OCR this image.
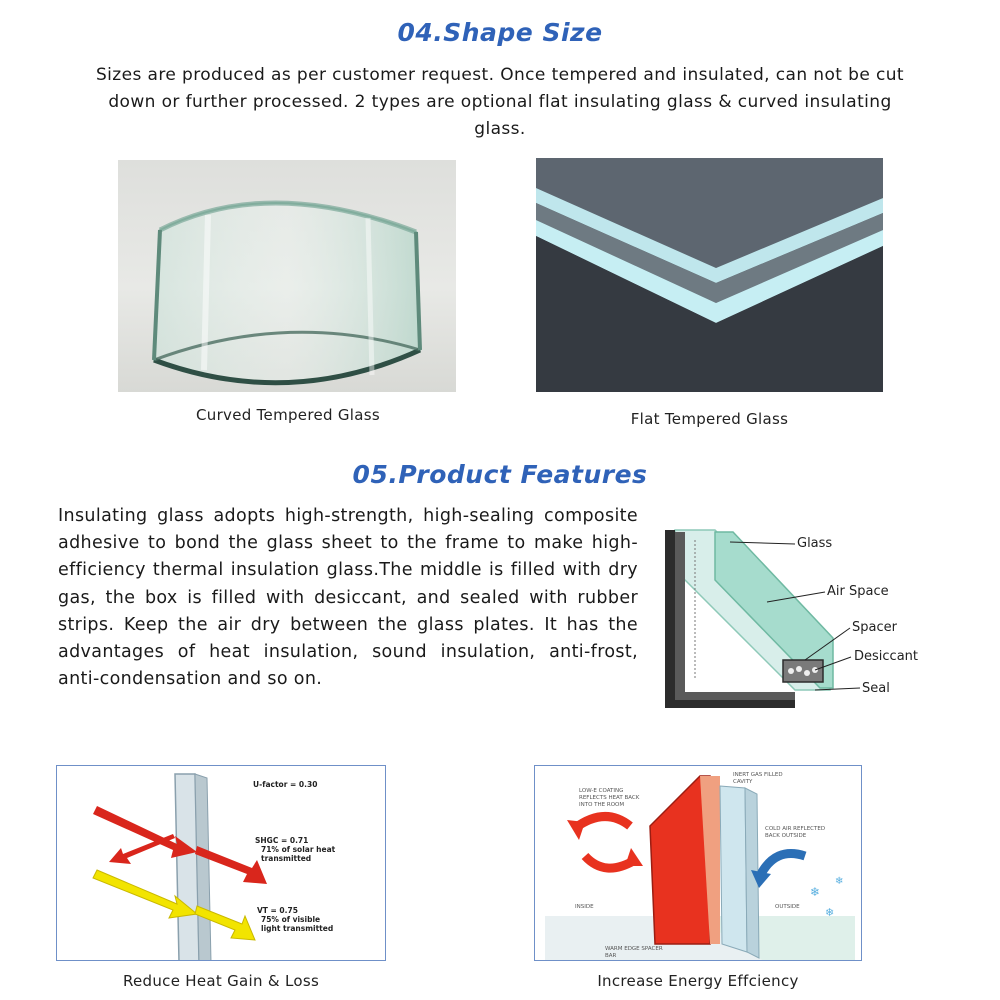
04.Shape Size
Sizes are produced as per customer request. Once tempered and insulated, can not be cut down or further processed. 2 types are optional flat insulating glass & curved insulating glass.
Curved Tempered Glass	Flat Tempered Glass
05.Product Features
Insulating glass adopts high-strength, high-sealing composite adhesive to bond the glass sheet to the frame to make high-efficiency thermal insulation glass.The middle is filled with dry gas, the box is filled with desiccant, and sealed with rubber strips. Keep the air dry between the glass plates. It has the advantages of heat insulation, sound insulation, anti-frost, anti-condensation and so on.
Glass
Air Space
Spacer
Desiccant
Seal
U-factor = 0.30
SHGC = 0.71
71% of solar heat
transmitted
VT = 0.75
75% of visible
light transmitted
Reduce Heat Gain & Loss
❄
❄
❄
LOW-E COATING REFLECTS HEAT BACK INTO THE ROOM
INERT GAS FILLED CAVITY
COLD AIR REFLECTED BACK OUTSIDE
INSIDE	OUTSIDE
WARM EDGE SPACER BAR
Increase Energy Effciency
